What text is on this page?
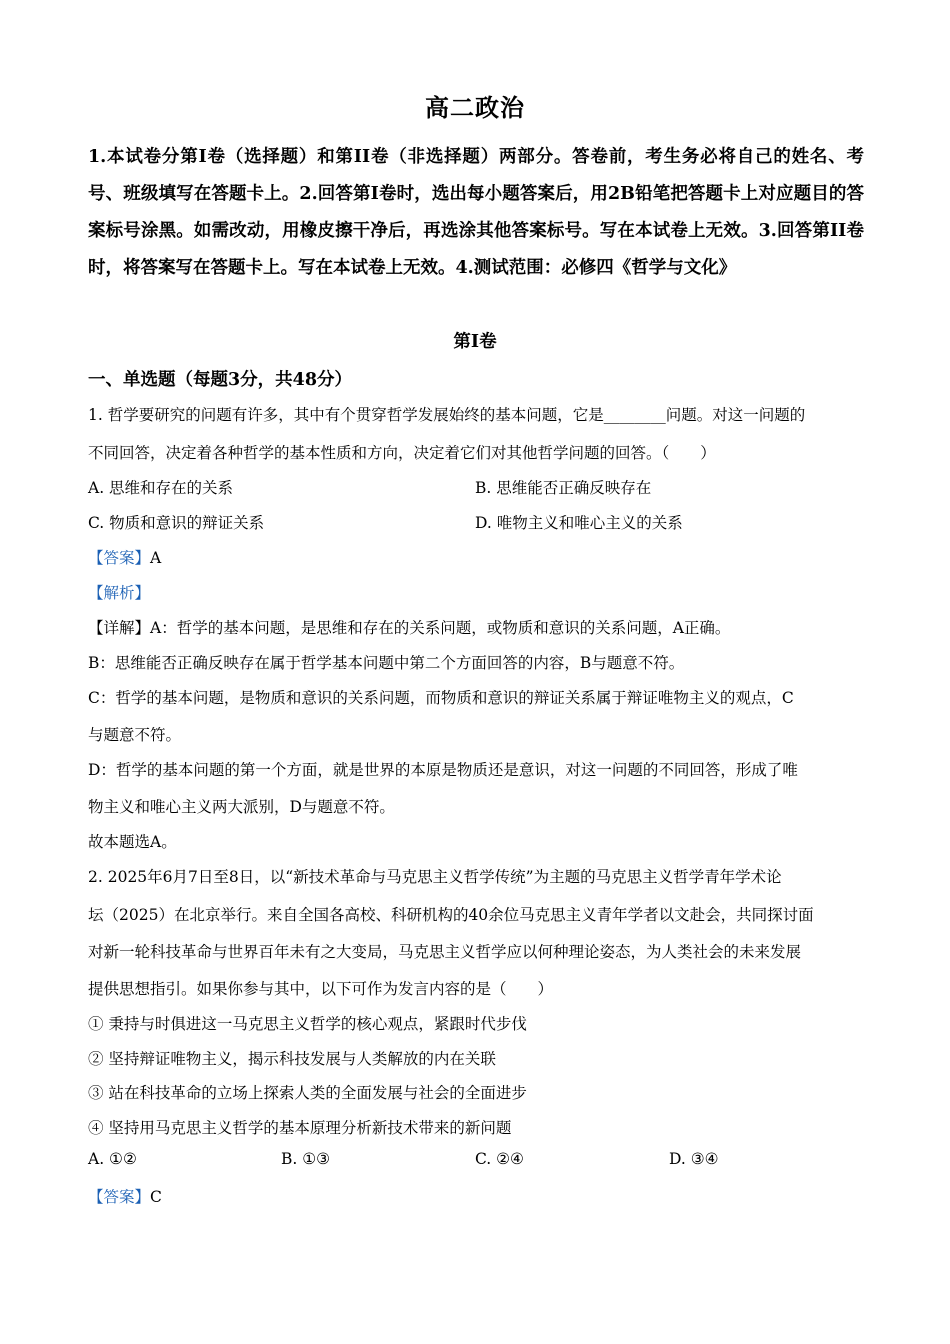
高二政治
1.本试卷分第I卷（选择题）和第II卷（非选择题）两部分。答卷前，考生务必将自己的姓名、考号、班级填写在答题卡上。2.回答第I卷时，选出每小题答案后，用2B铅笔把答题卡上对应题目的答案标号涂黑。如需改动，用橡皮擦干净后，再选涂其他答案标号。写在本试卷上无效。3.回答第II卷时，将答案写在答题卡上。写在本试卷上无效。4.测试范围：必修四《哲学与文化》
第I卷
一、单选题（每题3分，共48分）
1. 哲学要研究的问题有许多，其中有个贯穿哲学发展始终的基本问题，它是________问题。对这一问题的
不同回答，决定着各种哲学的基本性质和方向，决定着它们对其他哲学问题的回答。（　　）
A. 思维和存在的关系	B. 思维能否正确反映存在
C. 物质和意识的辩证关系	D. 唯物主义和唯心主义的关系
【答案】A
【解析】
【详解】A：哲学的基本问题，是思维和存在的关系问题，或物质和意识的关系问题，A正确。
B：思维能否正确反映存在属于哲学基本问题中第二个方面回答的内容，B与题意不符。
C：哲学的基本问题，是物质和意识的关系问题，而物质和意识的辩证关系属于辩证唯物主义的观点，C
与题意不符。
D：哲学的基本问题的第一个方面，就是世界的本原是物质还是意识，对这一问题的不同回答，形成了唯
物主义和唯心主义两大派别，D与题意不符。
故本题选A。
2. 2025年6月7日至8日，以“新技术革命与马克思主义哲学传统”为主题的马克思主义哲学青年学术论
坛（2025）在北京举行。来自全国各高校、科研机构的40余位马克思主义青年学者以文赴会，共同探讨面
对新一轮科技革命与世界百年未有之大变局，马克思主义哲学应以何种理论姿态，为人类社会的未来发展
提供思想指引。如果你参与其中，以下可作为发言内容的是（　　）
① 秉持与时俱进这一马克思主义哲学的核心观点，紧跟时代步伐
② 坚持辩证唯物主义，揭示科技发展与人类解放的内在关联
③ 站在科技革命的立场上探索人类的全面发展与社会的全面进步
④ 坚持用马克思主义哲学的基本原理分析新技术带来的新问题
A. ①②	B. ①③	C. ②④	D. ③④
【答案】C
